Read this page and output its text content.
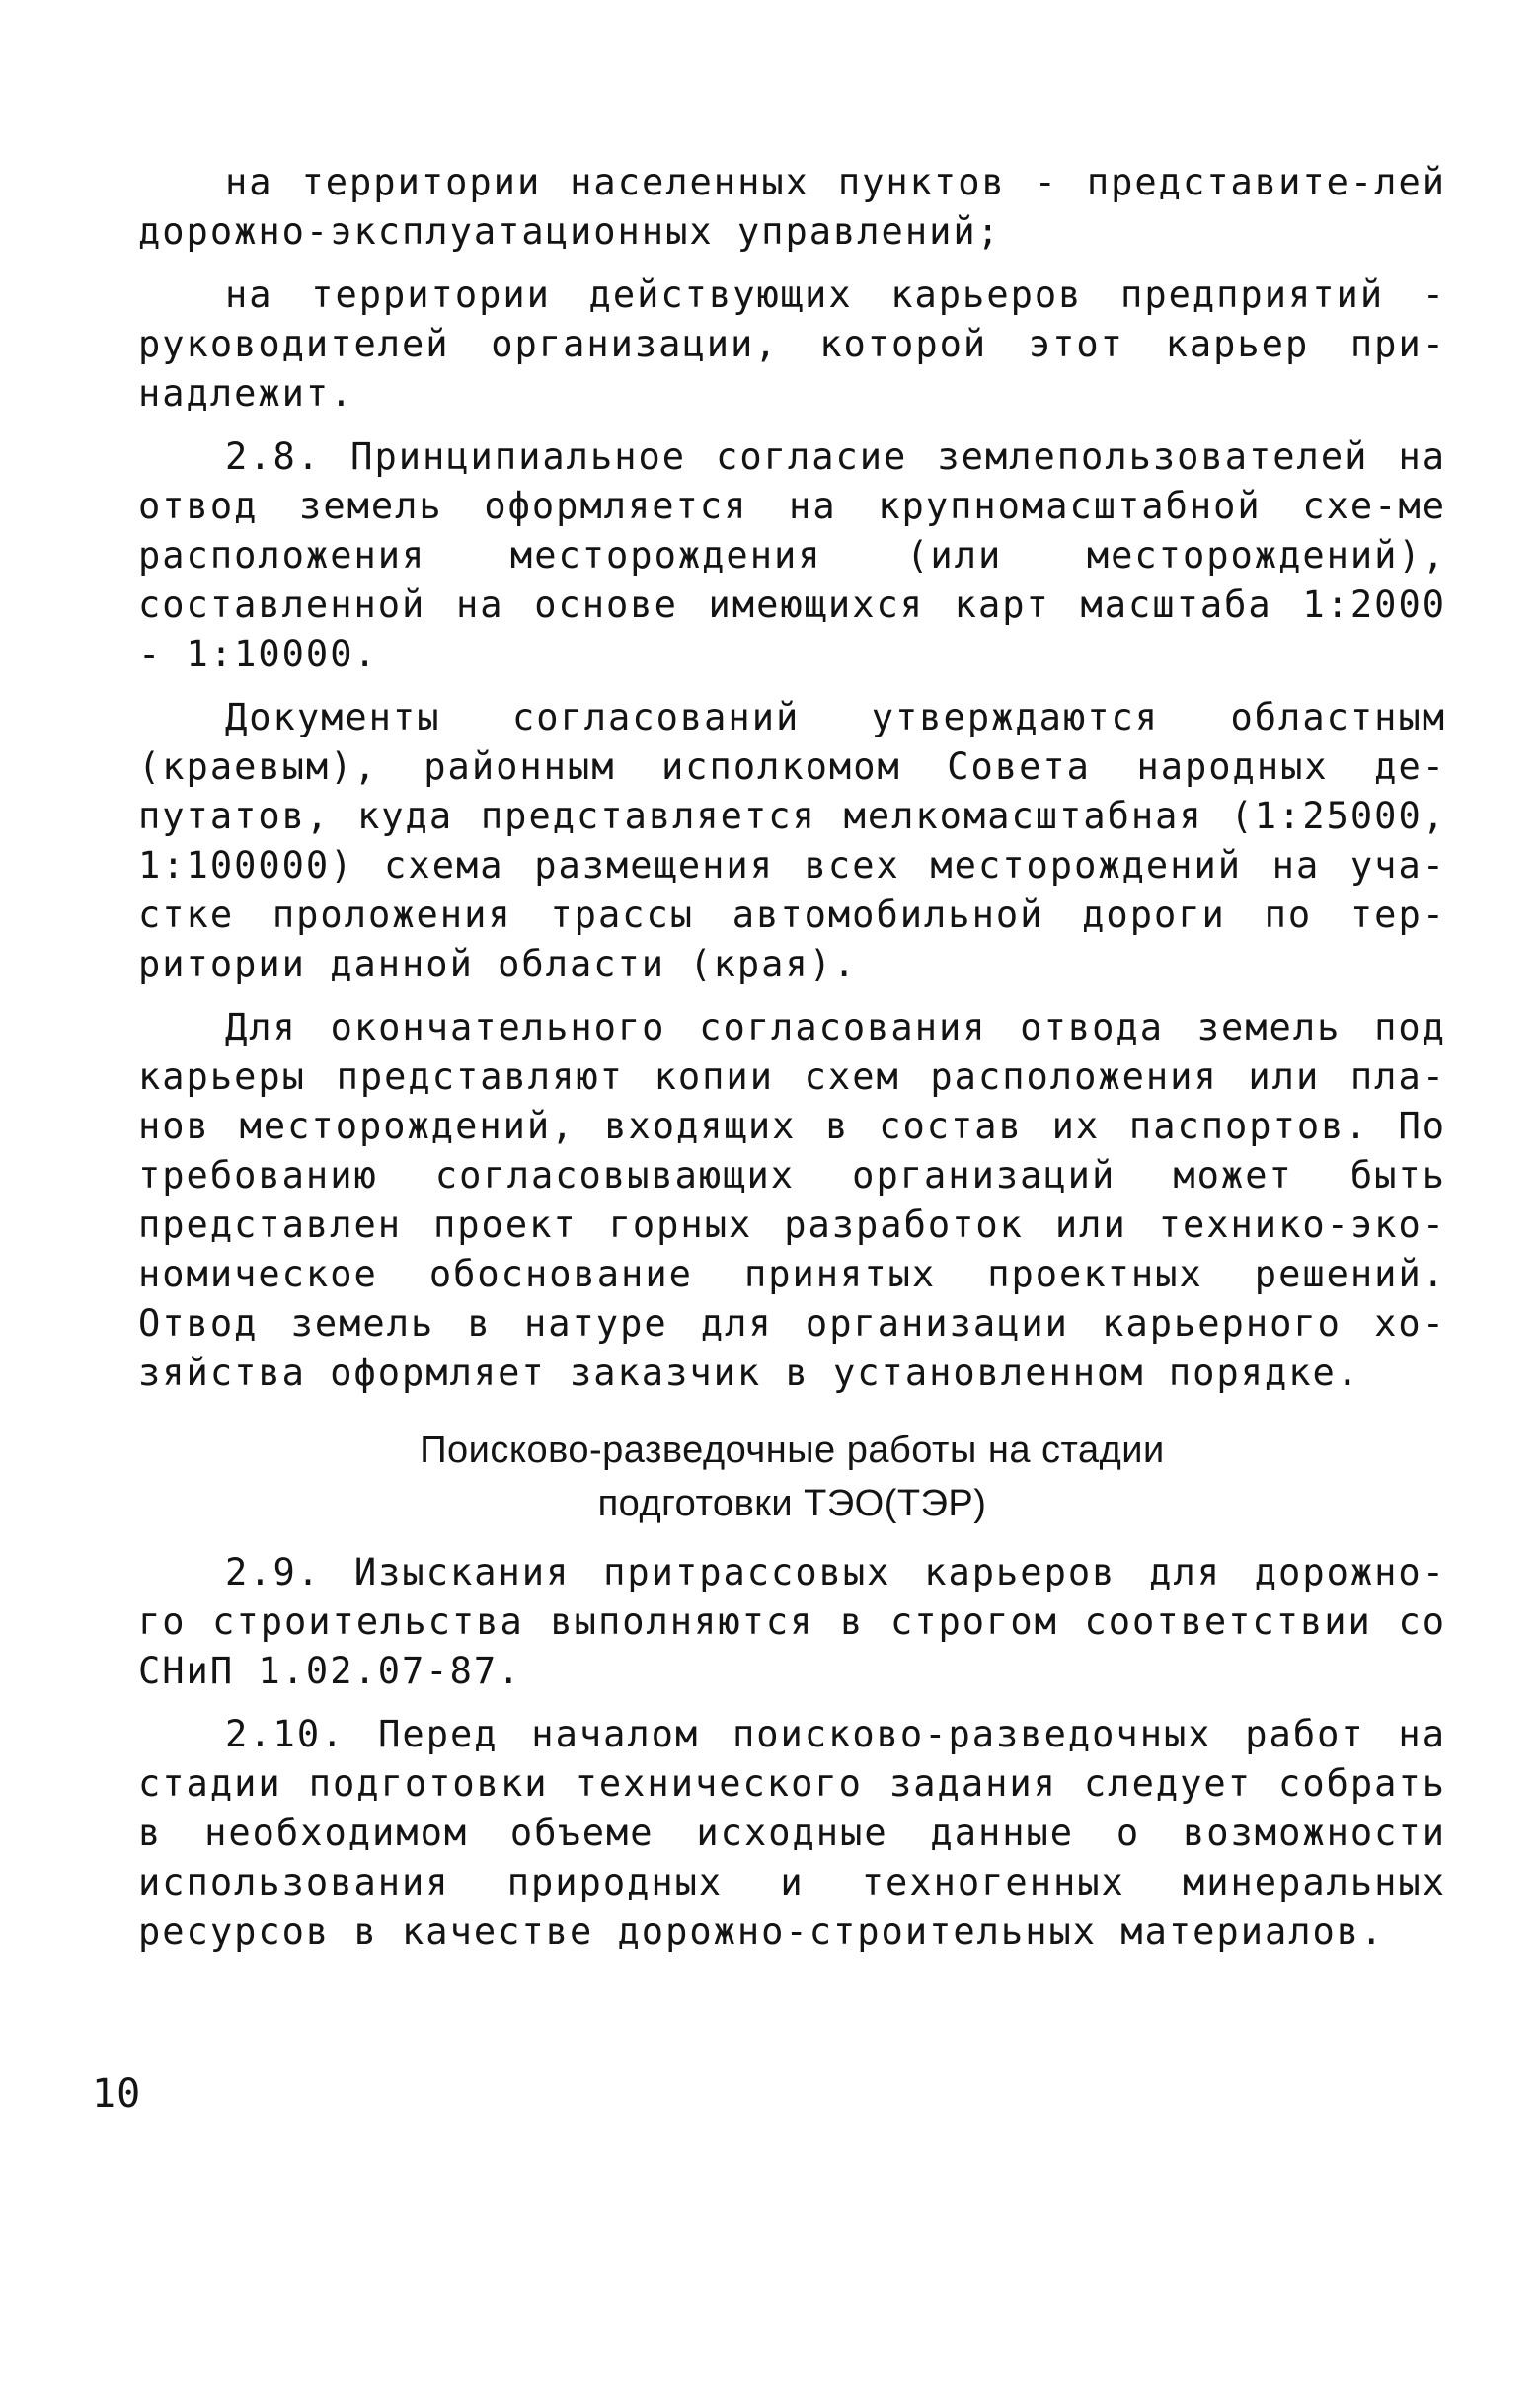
на территории населенных пунктов - представите-лей дорожно-эксплуатационных управлений;

на территории действующих карьеров предприятий - руководителей организации, которой этот карьер при-надлежит.

2.8. Принципиальное согласие землепользователей на отвод земель оформляется на крупномасштабной схе-ме расположения месторождения (или месторождений), составленной на основе имеющихся карт масштаба 1:2000 - 1:10000.

Документы согласований утверждаются областным (краевым), районным исполкомом Совета народных де-путатов, куда представляется мелкомасштабная (1:25000, 1:100000) схема размещения всех месторождений на уча-стке проложения трассы автомобильной дороги по тер-ритории данной области (края).

Для окончательного согласования отвода земель под карьеры представляют копии схем расположения или пла-нов месторождений, входящих в состав их паспортов. По требованию согласовывающих организаций может быть представлен проект горных разработок или технико-эко-номическое обоснование принятых проектных решений. Отвод земель в натуре для организации карьерного хо-зяйства оформляет заказчик в установленном порядке.

Поисково-разведочные работы на стадии
подготовки ТЭО(ТЭР)

2.9. Изыскания притрассовых карьеров для дорожно-го строительства выполняются в строгом соответствии со СНиП 1.02.07-87.

2.10. Перед началом поисково-разведочных работ на стадии подготовки технического задания следует собрать в необходимом объеме исходные данные о возможности использования природных и техногенных минеральных ресурсов в качестве дорожно-строительных материалов.

10
